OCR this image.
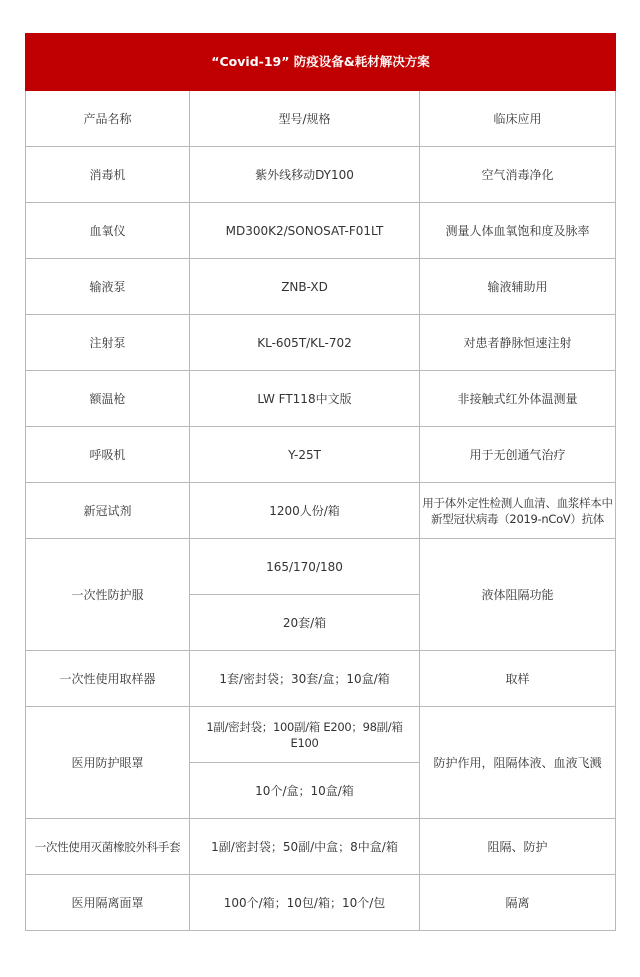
“Covid-19” 防疫设备&耗材解决方案		
产品名称	型号/规格	临床应用
消毒机	紫外线移动DY100	空气消毒净化
血氧仪	MD300K2/SONOSAT-F01LT	测量人体血氧饱和度及脉率
输液泵	ZNB-XD	输液辅助用
注射泵	KL-605T/KL-702	对患者静脉恒速注射
额温枪	LW FT118中文版	非接触式红外体温测量
呼吸机	Y-25T	用于无创通气治疗
新冠试剂	1200人份/箱	用于体外定性检测人血清、血浆样本中
新型冠状病毒（2019-nCoV）抗体

一次性防护服	165/170/180	液体阻隔功能
	20套/箱	
一次性使用取样器	1套/密封袋；30套/盒；10盒/箱	取样
医用防护眼罩	1副/密封袋；100副/箱 E200；98副/箱 E100	防护作用，阻隔体液、血液飞溅
	10个/盒；10盒/箱	
一次性使用灭菌橡胶外科手套	1副/密封袋；50副/中盒；8中盒/箱	阻隔、防护
医用隔离面罩	100个/箱；10包/箱；10个/包	隔离
